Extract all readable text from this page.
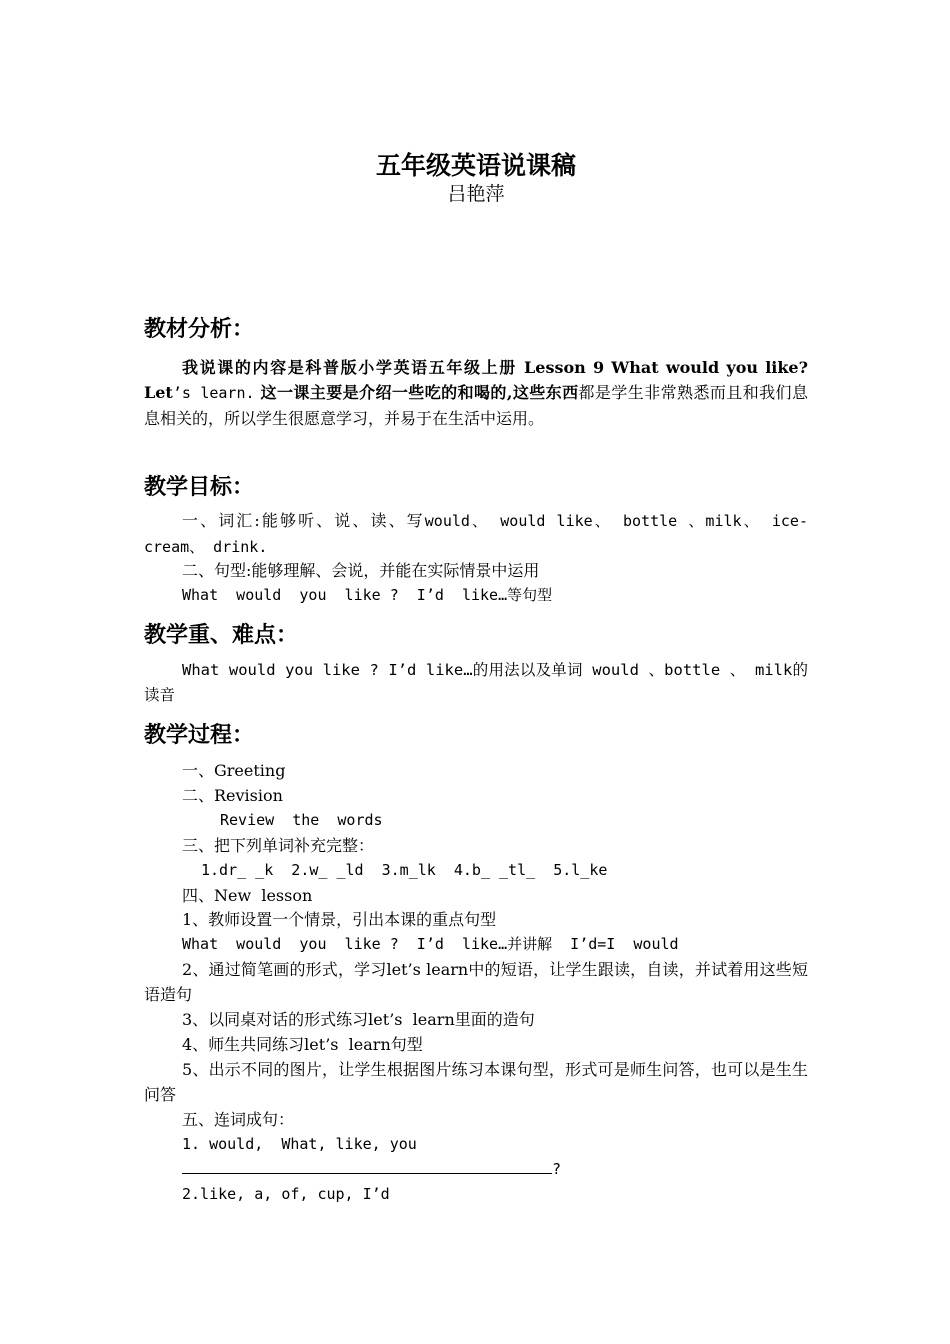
五年级英语说课稿
吕艳萍
教材分析：

我说课的内容是科普版小学英语五年级上册 Lesson 9 What would you like? Let’s learn. 这一课主要是介绍一些吃的和喝的,这些东西都是学生非常熟悉而且和我们息息相关的，所以学生很愿意学习，并易于在生活中运用。

教学目标：

一、词汇:能够听、说、读、写would、 would like、 bottle 、milk、 ice-cream、 drink.

二、句型:能够理解、会说，并能在实际情景中运用

What  would  you  like ?  I’d  like…等句型

教学重、难点：

What would you like ? I’d like…的用法以及单词 would 、bottle 、 milk的读音

教学过程：

一、Greeting

二、Revision

Review  the  words

三、把下列单词补充完整：

1.dr_ _k  2.w_ _ld  3.m_lk  4.b_ _tl_  5.l_ke

四、New  lesson

1、教师设置一个情景，引出本课的重点句型

What  would  you  like ?  I’d  like…并讲解  I’d=I  would

2、通过简笔画的形式，学习let’s learn中的短语，让学生跟读，自读，并试着用这些短语造句

3、以同桌对话的形式练习let’s  learn里面的造句

4、师生共同练习let’s  learn句型

5、出示不同的图片，让学生根据图片练习本课句型，形式可是师生问答，也可以是生生问答

五、连词成句：

1. would,  What, like, you

?

2.like, a, of, cup, I’d
